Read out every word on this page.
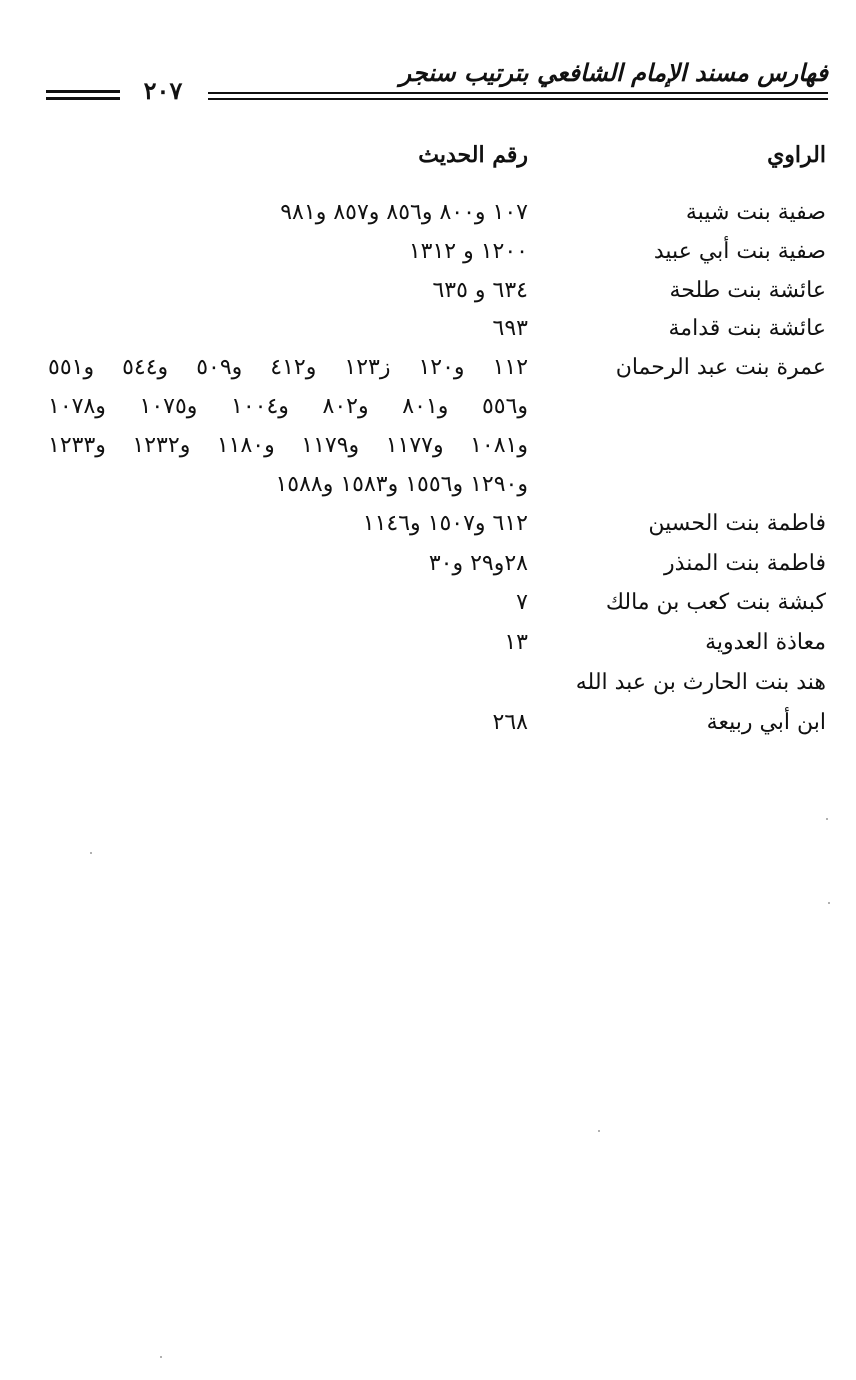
فهارس مسند الإمام الشافعي بترتيب سنجر
٢٠٧
الراوي
رقم الحديث
صفية بنت شيبة
١٠٧ و٨٠٠ و٨٥٦ و٨٥٧ و٩٨١
صفية بنت أبي عبيد
١٢٠٠ و ١٣١٢
عائشة بنت طلحة
٦٣٤ و ٦٣٥
عائشة بنت قدامة
٦٩٣
عمرة بنت عبد الرحمان
١١٢ و١٢٠ ز١٢٣ و٤١٢ و٥٠٩ و٥٤٤ و٥٥١
و٥٥٦ و٨٠١ و٨٠٢ و١٠٠٤ و١٠٧٥ و١٠٧٨
و١٠٨١ و١١٧٧ و١١٧٩ و١١٨٠ و١٢٣٢ و١٢٣٣
و١٢٩٠ و١٥٥٦ و١٥٨٣ و١٥٨٨
فاطمة بنت الحسين
٦١٢ و١٥٠٧ و١١٤٦
فاطمة بنت المنذر
٢٨و٢٩ و٣٠
كبشة بنت كعب بن مالك
٧
معاذة العدوية
١٣
هند بنت الحارث بن عبد الله
ابن أبي ربيعة
٢٦٨
